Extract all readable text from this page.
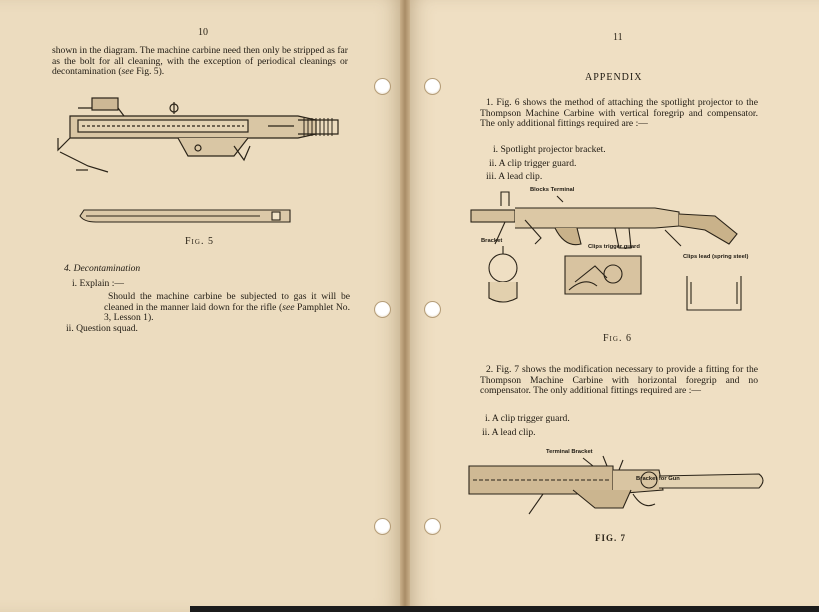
10
shown in the diagram. The machine carbine need then only be stripped as far as the bolt for all cleaning, with the exception of periodical cleanings or decontamination (see Fig. 5).
Fig. 5
4. Decontamination
i. Explain :—
Should the machine carbine be subjected to gas it will be cleaned in the manner laid down for the rifle (see Pamphlet No. 3, Lesson 1).
ii. Question squad.
11
APPENDIX
1. Fig. 6 shows the method of attaching the spotlight projector to the Thompson Machine Carbine with vertical foregrip and compensator. The only additional fittings required are :—
i. Spotlight projector bracket.
ii. A clip trigger guard.
iii. A lead clip.
Blocks Terminal
Bracket
Clips trigger guard
Clips lead (spring steel)
Fig. 6
2. Fig. 7 shows the modification necessary to provide a fitting for the Thompson Machine Carbine with horizontal foregrip and no compensator. The only additional fittings required are :—
i. A clip trigger guard.
ii. A lead clip.
Terminal Bracket
Bracket for Gun
FIG. 7
